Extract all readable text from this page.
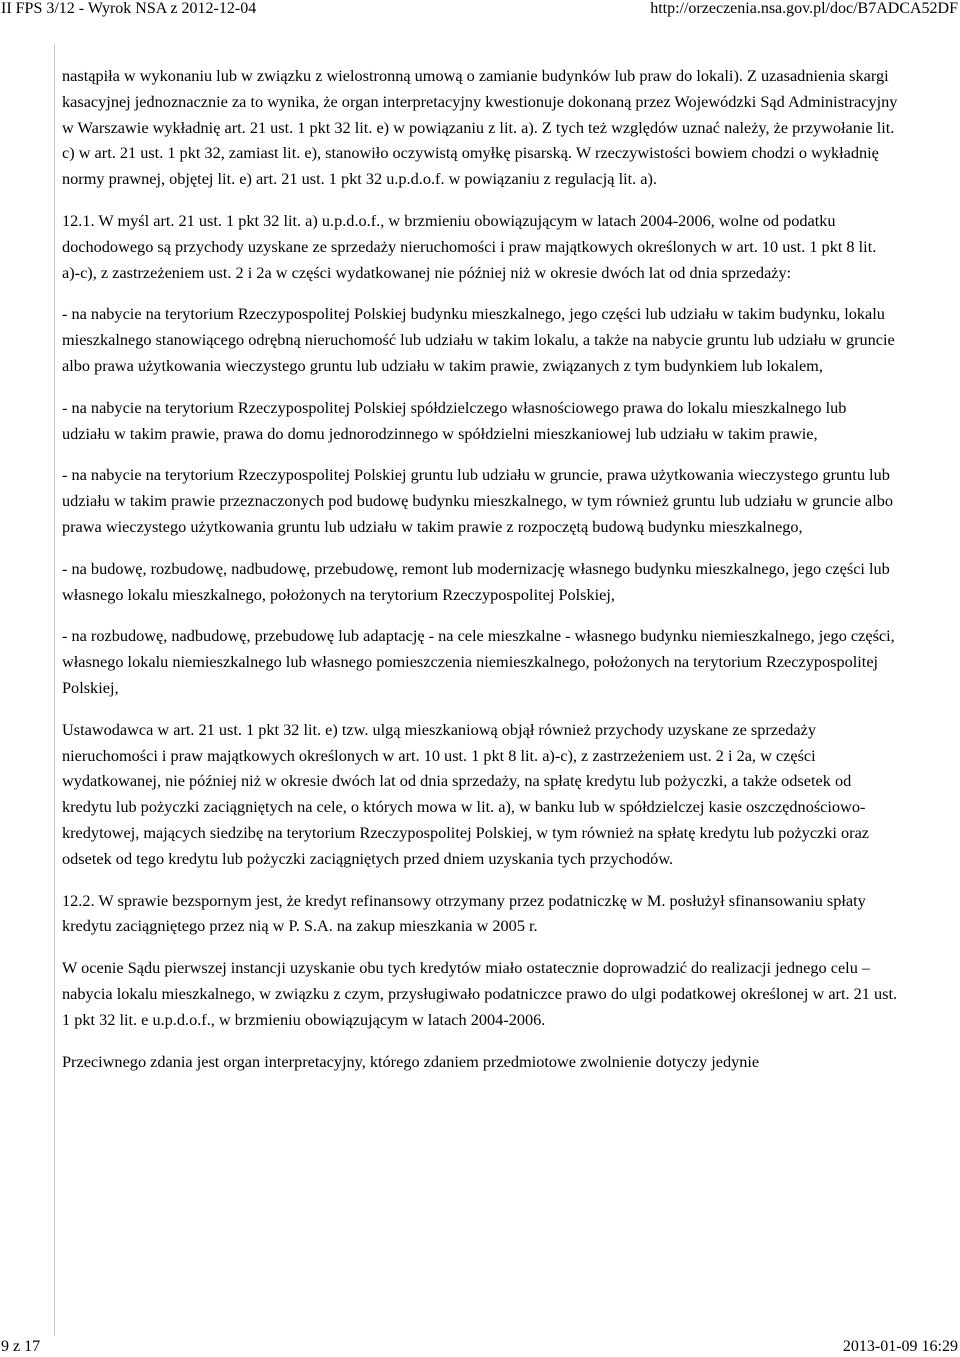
II FPS 3/12 - Wyrok NSA z 2012-12-04	http://orzeczenia.nsa.gov.pl/doc/B7ADCA52DF

nastąpiła w wykonaniu lub w związku z wielostronną umową o zamianie budynków lub praw do lokali). Z uzasadnienia skargi kasacyjnej jednoznacznie za to wynika, że organ interpretacyjny kwestionuje dokonaną przez Wojewódzki Sąd Administracyjny w Warszawie wykładnię art. 21 ust. 1 pkt 32 lit. e) w powiązaniu z lit. a). Z tych też względów uznać należy, że przywołanie lit. c) w art. 21 ust. 1 pkt 32, zamiast lit. e), stanowiło oczywistą omyłkę pisarską. W rzeczywistości bowiem chodzi o wykładnię normy prawnej, objętej lit. e) art. 21 ust. 1 pkt 32 u.p.d.o.f. w powiązaniu z regulacją lit. a).

12.1. W myśl art. 21 ust. 1 pkt 32 lit. a) u.p.d.o.f., w brzmieniu obowiązującym w latach 2004-2006, wolne od podatku dochodowego są przychody uzyskane ze sprzedaży nieruchomości i praw majątkowych określonych w art. 10 ust. 1 pkt 8 lit. a)-c), z zastrzeżeniem ust. 2 i 2a w części wydatkowanej nie później niż w okresie dwóch lat od dnia sprzedaży:

- na nabycie na terytorium Rzeczypospolitej Polskiej budynku mieszkalnego, jego części lub udziału w takim budynku, lokalu mieszkalnego stanowiącego odrębną nieruchomość lub udziału w takim lokalu, a także na nabycie gruntu lub udziału w gruncie albo prawa użytkowania wieczystego gruntu lub udziału w takim prawie, związanych z tym budynkiem lub lokalem,

- na nabycie na terytorium Rzeczypospolitej Polskiej spółdzielczego własnościowego prawa do lokalu mieszkalnego lub udziału w takim prawie, prawa do domu jednorodzinnego w spółdzielni mieszkaniowej lub udziału w takim prawie,

- na nabycie na terytorium Rzeczypospolitej Polskiej gruntu lub udziału w gruncie, prawa użytkowania wieczystego gruntu lub udziału w takim prawie przeznaczonych pod budowę budynku mieszkalnego, w tym również gruntu lub udziału w gruncie albo prawa wieczystego użytkowania gruntu lub udziału w takim prawie z rozpoczętą budową budynku mieszkalnego,

- na budowę, rozbudowę, nadbudowę, przebudowę, remont lub modernizację własnego budynku mieszkalnego, jego części lub własnego lokalu mieszkalnego, położonych na terytorium Rzeczypospolitej Polskiej,

- na rozbudowę, nadbudowę, przebudowę lub adaptację - na cele mieszkalne - własnego budynku niemieszkalnego, jego części, własnego lokalu niemieszkalnego lub własnego pomieszczenia niemieszkalnego, położonych na terytorium Rzeczypospolitej Polskiej,

Ustawodawca w art. 21 ust. 1 pkt 32 lit. e) tzw. ulgą mieszkaniową objął również przychody uzyskane ze sprzedaży nieruchomości i praw majątkowych określonych w art. 10 ust. 1 pkt 8 lit. a)-c), z zastrzeżeniem ust. 2 i 2a, w części wydatkowanej, nie później niż w okresie dwóch lat od dnia sprzedaży, na spłatę kredytu lub pożyczki, a także odsetek od kredytu lub pożyczki zaciągniętych na cele, o których mowa w lit. a), w banku lub w spółdzielczej kasie oszczędnościowo-kredytowej, mających siedzibę na terytorium Rzeczypospolitej Polskiej, w tym również na spłatę kredytu lub pożyczki oraz odsetek od tego kredytu lub pożyczki zaciągniętych przed dniem uzyskania tych przychodów.

12.2. W sprawie bezspornym jest, że kredyt refinansowy otrzymany przez podatniczkę w M. posłużył sfinansowaniu spłaty kredytu zaciągniętego przez nią w P. S.A. na zakup mieszkania w 2005 r.

W ocenie Sądu pierwszej instancji uzyskanie obu tych kredytów miało ostatecznie doprowadzić do realizacji jednego celu – nabycia lokalu mieszkalnego, w związku z czym, przysługiwało podatniczce prawo do ulgi podatkowej określonej w art. 21 ust. 1 pkt 32 lit. e u.p.d.o.f., w brzmieniu obowiązującym w latach 2004-2006.

Przeciwnego zdania jest organ interpretacyjny, którego zdaniem przedmiotowe zwolnienie dotyczy jedynie

9 z 17	2013-01-09 16:29
